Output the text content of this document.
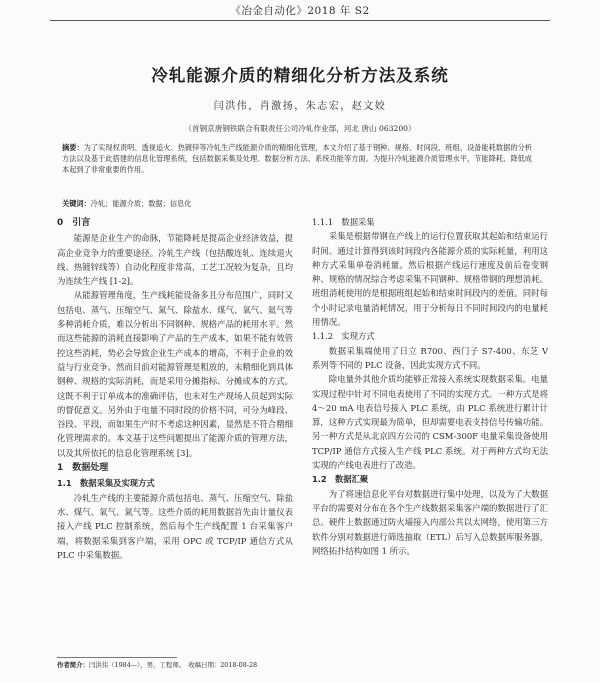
《冶金自动化》2018 年 S2
冷轧能源介质的精细化分析方法及系统
闫洪伟，肖激扬，朱志宏，赵文姣
（首钢京唐钢铁联合有限责任公司冷轧作业部，河北 唐山 063200）
摘要：为了实现权责明、透视追火、热镀锌等冷轧生产线能源介质的精细化管理，本文介绍了基于钢种、规格、时间段、班组、设备能耗数据的分析方法以及基于此搭建的信息化管理系统，包括数据采集及处理、数据分析方法、系统功能等方面。为提升冷轧能源介质管理水平，节能降耗、降低成本起到了非常重要的作用。
关键词：冷轧；能源介质；数据；信息化
0　引言

能源是企业生产的命脉，节能降耗是提高企业经济效益，提高企业竞争力的重要途径。冷轧生产线（包括酸连轧、连续退火线、热镀锌线等）自动化程度非常高，工艺工况较为复杂，且均为连续生产线 [1-2]。

从能源管理角度，生产线耗能设备多且分布范围广，同时又包括电、蒸气、压缩空气、氮气、除盐水、煤气、氧气、氦气等多种消耗介质，难以分析出不同钢种、规格产品的耗用水平。然而这些能源的消耗直接影响了产品的生产成本，如果不能有效管控这些消耗，势必会导致企业生产成本的增高，不利于企业的效益与行业竞争。然而目前对能源管理是粗放的，未精细化到具体钢种、规格的实际消耗，而是采用分摊指标、分摊成本的方式。这既不利于订单成本的准确评估，也未对生产现场人员起到实际的督促意义。另外由于电量不同时段的价格不同，可分为峰段、谷段、平段，而如果生产时不考虑这种因素，显然是不符合精细化管理需求的。本文基于这些问题提出了能源介质的管理方法，以及其所依托的信息化管理系统 [3]。

1　数据处理
1.1　数据采集及实现方式

冷轧生产线的主要能源介质包括电、蒸气、压缩空气、除盐水、煤气、氧气、氮气等。这些介质的耗用数据首先由计量仪表接入产线 PLC 控制系统，然后每个生产线配置 1 台采集客户端，将数据采集到客户端，采用 OPC 或 TCP/IP 通信方式从 PLC 中采集数据。

1.1.1　数据采集

采集是根据带钢在产线上的运行位置获取其起始和结束运行时间。通过计算得到该时间段内各能源介质的实际耗量，利用这种方式采集单卷消耗量。然后根据产线运行速度及前后卷变钢种、规格的情况综合考虑采集不同钢种、规格带钢的理想消耗。班组消耗使用的是根据班组起始和结束时间段内的差值。同时每个小时记录电量消耗情况，用于分析每日不同时间段内的电量耗用情况。

1.1.2　实现方式

数据采集端使用了日立 R700、西门子 S7-400、东芝 V 系列等不同的 PLC 设备，因此实现方式不同。

除电量外其他介质均能够正常接入系统实现数据采集。电量实现过程中针对不同电表使用了不同的实现方式。一种方式是将 4～20 mA 电表信号接入 PLC 系统，由 PLC 系统进行累计计算，这种方式实现最为简单，但却需要电表支持信号传输功能。另一种方式是从北京四方公司的 CSM-300F 电量采集设备使用 TCP/IP 通信方式接入生产线 PLC 系统。对于两种方式均无法实现的产线电表进行了改造。

1.2　数据汇聚

为了将速信息化平台对数据进行集中处理，以及为了大数据平台的需要对分布在各个生产线数据采集客户端的数据进行了汇总。硬件上数据通过防火墙接入内部公共以太网络，使用第三方软件分别对数据进行筛选抽取（ETL）后写入总数据库服务器，网络拓扑结构如图 1 所示。

作者简介：闫洪伟（1984—），男，工程师。　收稿日期：2018-08-28
